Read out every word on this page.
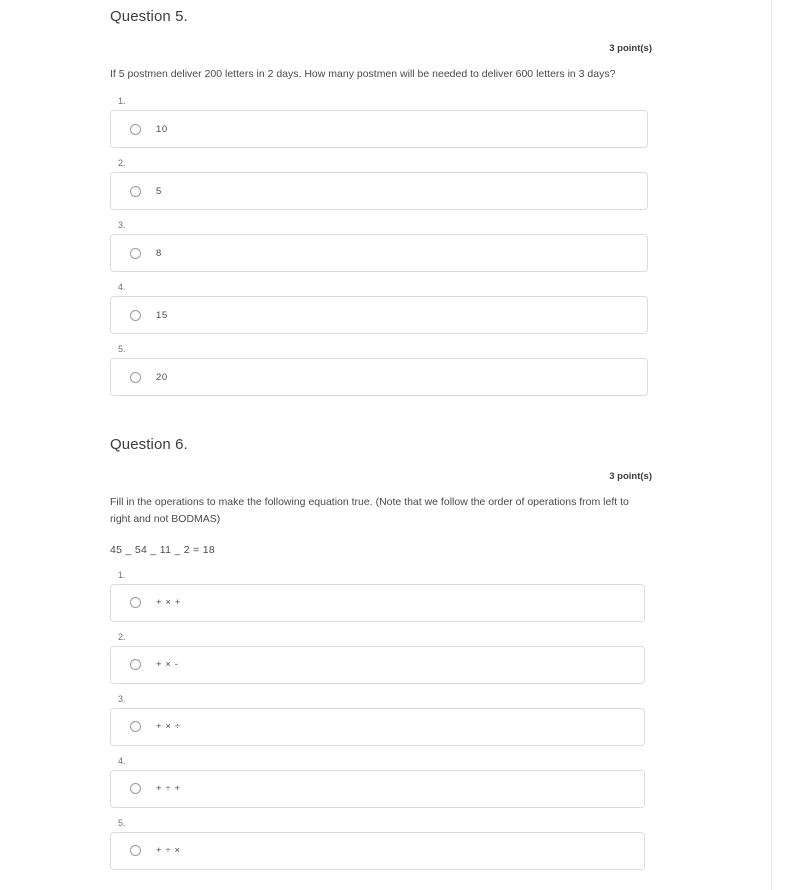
Question 5.
3 point(s)
If 5 postmen deliver 200 letters in 2 days. How many postmen will be needed to deliver 600 letters in 3 days?
1.
10
2.
5
3.
8
4.
15
5.
20
Question 6.
3 point(s)
Fill in the operations to make the following equation true. (Note that we follow the order of operations from left to right and not BODMAS)
45 _ 54 _ 11 _ 2 = 18
1.
+ × +
2.
+ × -
3.
+ × ÷
4.
+ ÷ +
5.
+ ÷ ×
